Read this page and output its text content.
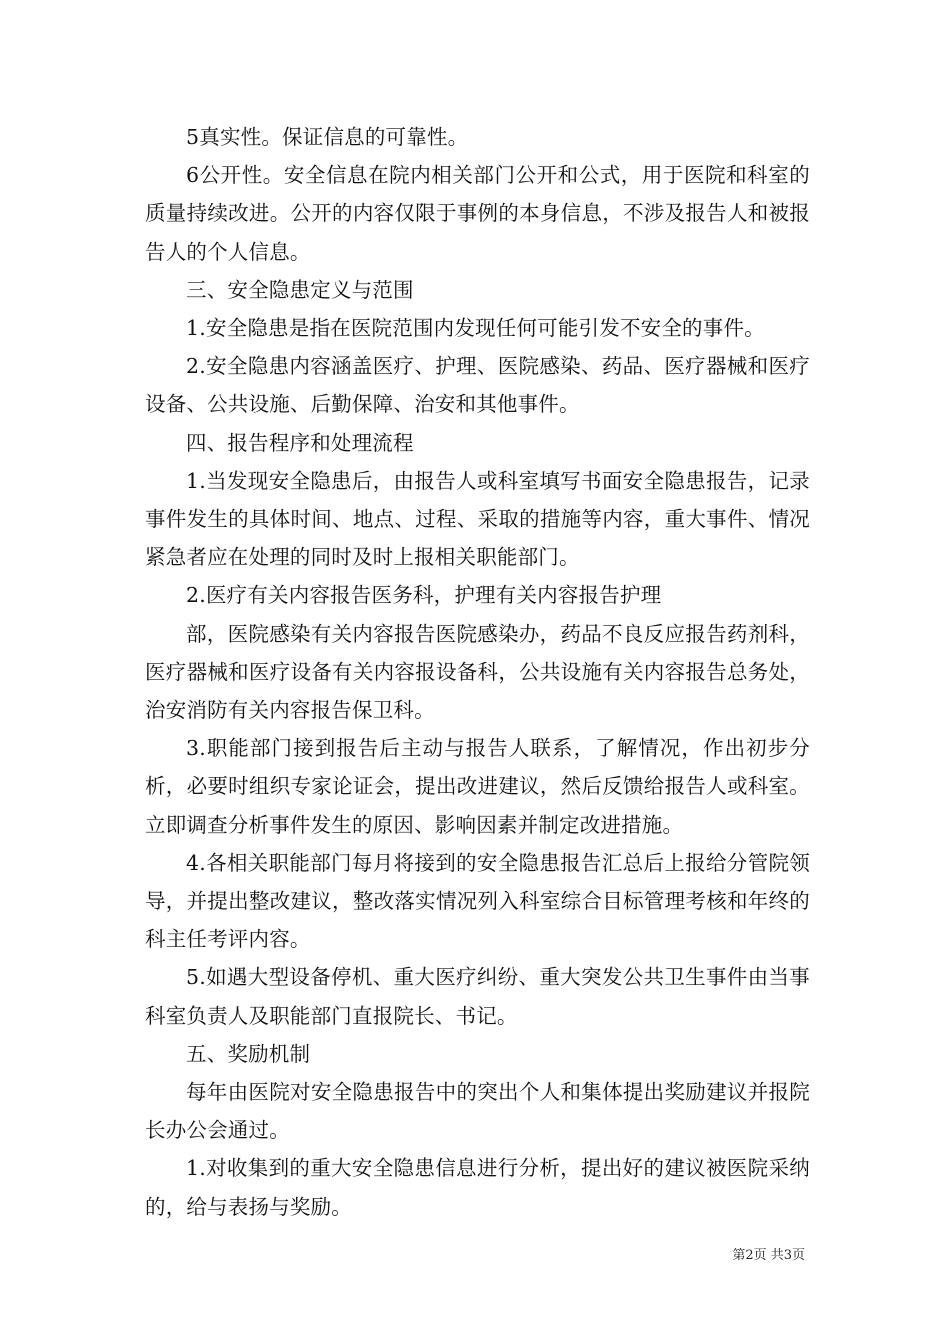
5真实性。保证信息的可靠性。

6公开性。安全信息在院内相关部门公开和公式，用于医院和科室的质量持续改进。公开的内容仅限于事例的本身信息，不涉及报告人和被报告人的个人信息。

三、安全隐患定义与范围

1.安全隐患是指在医院范围内发现任何可能引发不安全的事件。

2.安全隐患内容涵盖医疗、护理、医院感染、药品、医疗器械和医疗设备、公共设施、后勤保障、治安和其他事件。

四、报告程序和处理流程

1.当发现安全隐患后，由报告人或科室填写书面安全隐患报告，记录事件发生的具体时间、地点、过程、采取的措施等内容，重大事件、情况紧急者应在处理的同时及时上报相关职能部门。

2.医疗有关内容报告医务科，护理有关内容报告护理

部，医院感染有关内容报告医院感染办，药品不良反应报告药剂科，医疗器械和医疗设备有关内容报设备科，公共设施有关内容报告总务处，治安消防有关内容报告保卫科。

3.职能部门接到报告后主动与报告人联系，了解情况，作出初步分析，必要时组织专家论证会，提出改进建议，然后反馈给报告人或科室。立即调查分析事件发生的原因、影响因素并制定改进措施。

4.各相关职能部门每月将接到的安全隐患报告汇总后上报给分管院领导，并提出整改建议，整改落实情况列入科室综合目标管理考核和年终的科主任考评内容。

5.如遇大型设备停机、重大医疗纠纷、重大突发公共卫生事件由当事科室负责人及职能部门直报院长、书记。

五、奖励机制

每年由医院对安全隐患报告中的突出个人和集体提出奖励建议并报院长办公会通过。

1.对收集到的重大安全隐患信息进行分析，提出好的建议被医院采纳的，给与表扬与奖励。

第2页 共3页
